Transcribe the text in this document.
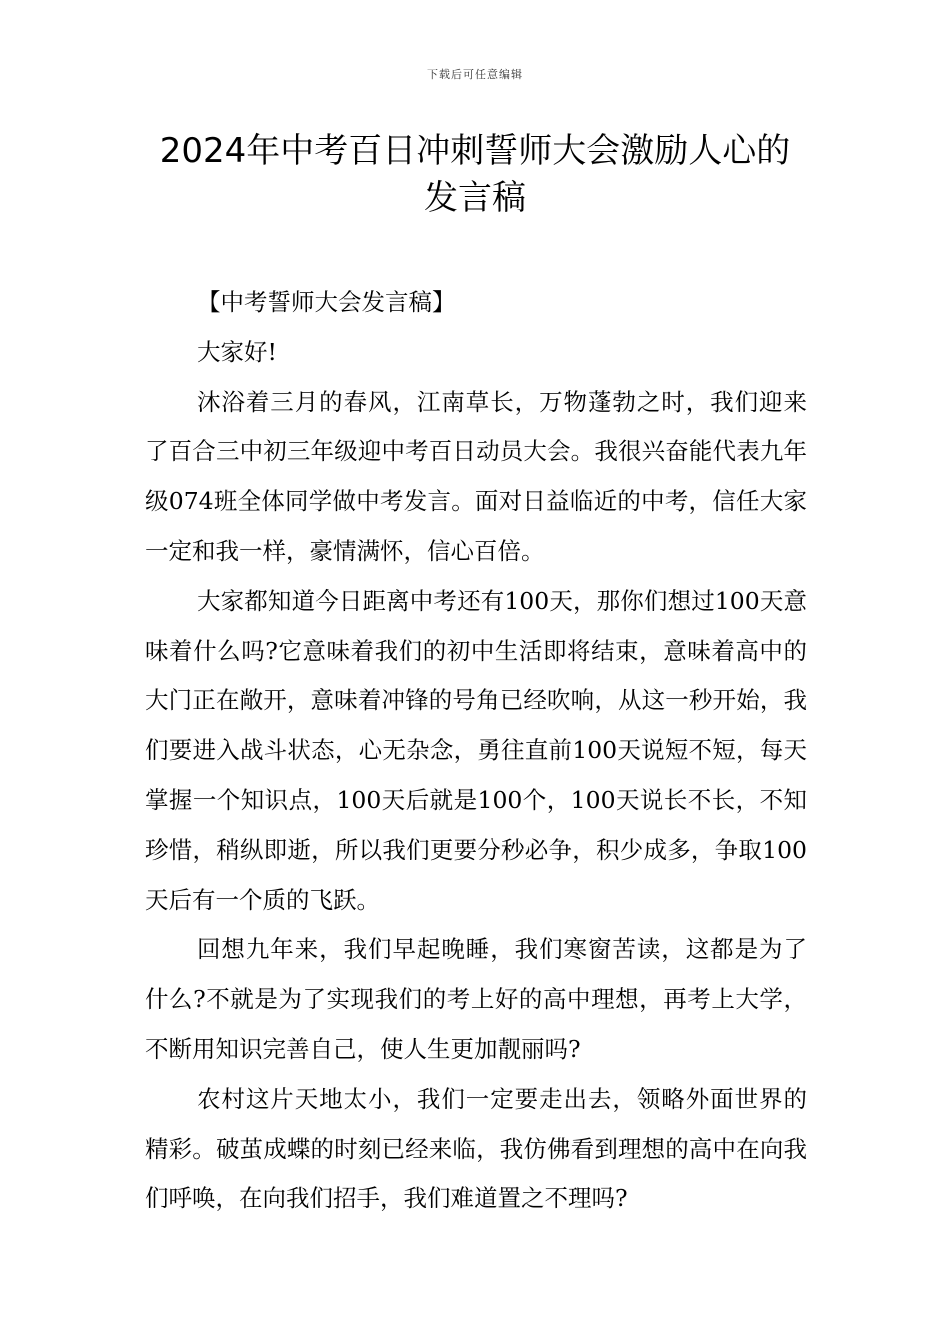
下载后可任意编辑
2024年中考百日冲刺誓师大会激励人心的
发言稿

【中考誓师大会发言稿】

大家好!

沐浴着三月的春风，江南草长，万物蓬勃之时，我们迎来了百合三中初三年级迎中考百日动员大会。我很兴奋能代表九年级074班全体同学做中考发言。面对日益临近的中考，信任大家一定和我一样，豪情满怀，信心百倍。

大家都知道今日距离中考还有100天，那你们想过100天意味着什么吗?它意味着我们的初中生活即将结束，意味着高中的大门正在敞开，意味着冲锋的号角已经吹响，从这一秒开始，我们要进入战斗状态，心无杂念，勇往直前100天说短不短，每天掌握一个知识点，100天后就是100个，100天说长不长，不知珍惜，稍纵即逝，所以我们更要分秒必争，积少成多，争取100天后有一个质的飞跃。

回想九年来，我们早起晚睡，我们寒窗苦读，这都是为了什么?不就是为了实现我们的考上好的高中理想，再考上大学，不断用知识完善自己，使人生更加靓丽吗?

农村这片天地太小，我们一定要走出去，领略外面世界的精彩。破茧成蝶的时刻已经来临，我仿佛看到理想的高中在向我们呼唤，在向我们招手，我们难道置之不理吗?
